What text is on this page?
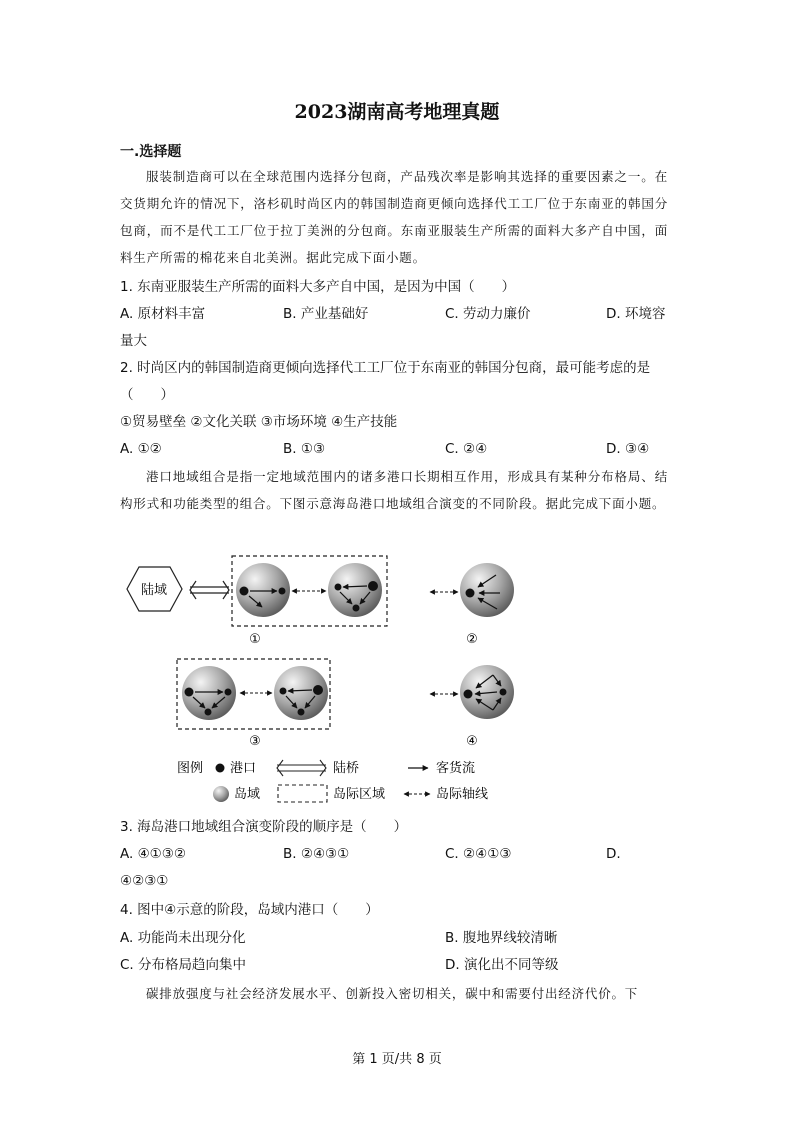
2023湖南高考地理真题
一.选择题
服装制造商可以在全球范围内选择分包商，产品残次率是影响其选择的重要因素之一。在交货期允许的情况下，洛杉矶时尚区内的韩国制造商更倾向选择代工工厂位于东南亚的韩国分包商，而不是代工工厂位于拉丁美洲的分包商。东南亚服装生产所需的面料大多产自中国，面料生产所需的棉花来自北美洲。据此完成下面小题。
1. 东南亚服装生产所需的面料大多产自中国，是因为中国（　　）
A. 原材料丰富	B. 产业基础好	C. 劳动力廉价	D. 环境容
量大
2. 时尚区内的韩国制造商更倾向选择代工工厂位于东南亚的韩国分包商，最可能考虑的是
（　　）
①贸易壁垒 ②文化关联 ③市场环境 ④生产技能
A. ①②	B. ①③	C. ②④	D. ③④
港口地域组合是指一定地域范围内的诸多港口长期相互作用，形成具有某种分布格局、结构形式和功能类型的组合。下图示意海岛港口地域组合演变的不同阶段。据此完成下面小题。
陆域
①	②
③	④
图例 港口	陆桥	客货流
岛域	岛际区域	岛际轴线
3. 海岛港口地域组合演变阶段的顺序是（　　）
A. ④①③②	B. ②④③①	C. ②④①③	D.
④②③①
4. 图中④示意的阶段，岛域内港口（　　）
A. 功能尚未出现分化	B. 腹地界线较清晰
C. 分布格局趋向集中	D. 演化出不同等级
碳排放强度与社会经济发展水平、创新投入密切相关，碳中和需要付出经济代价。下
第 1 页/共 8 页
